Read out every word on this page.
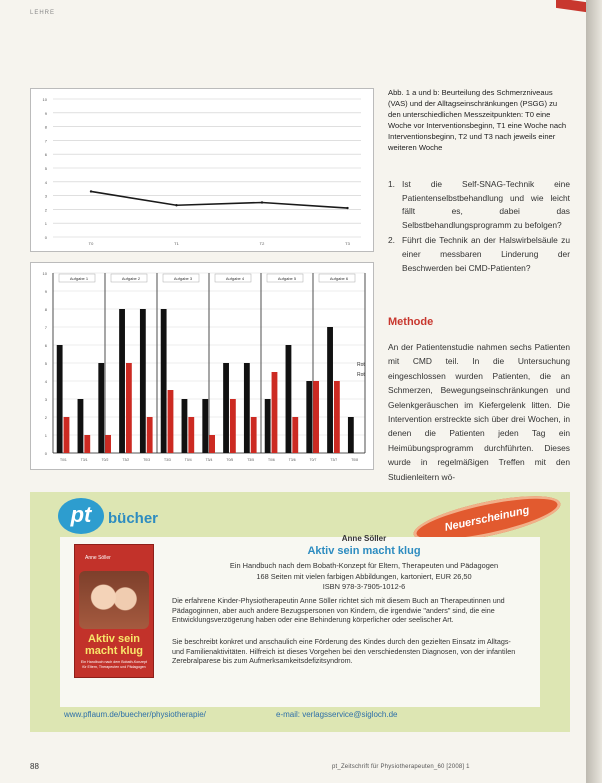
LEHRE
0
1
2
3
4
5
6
7
8
9
10
T0	T1	T2	T3
0
1
2
3
4
5
6
7
8
9
10
Aufgabe 1	Aufgabe 2	Aufgabe 3	Aufgabe 4	Aufgabe 5	Aufgabe 6
T0/1	T3/1	T0/2	T3/2	T0/3	T3/3	T0/4	T3/4	T0/5	T3/5	T0/6	T3/6	T0/7	T3/7	T0/8
Rot
Rot
Abb. 1 a und b: Beurteilung des Schmerzniveaus (VAS) und der Alltagseinschränkungen (PSGG) zu den unterschiedlichen Messzeitpunkten: T0 eine Woche vor Interventionsbeginn, T1 eine Woche nach Interventionsbeginn, T2 und T3 nach jeweils einer weiteren Woche
1. Ist die Self-SNAG-Technik eine Patientenselbstbehandlung und wie leicht fällt es, dabei das Selbstbehandlungsprogramm zu befolgen?
2. Führt die Technik an der Halswirbelsäule zu einer messbaren Linderung der Beschwerden bei CMD-Patienten?
Methode

An der Patientenstudie nahmen sechs Patienten mit CMD teil. In die Untersuchung eingeschlossen wurden Patienten, die an Schmerzen, Bewegungseinschränkungen und Gelenkgeräuschen im Kiefergelenk litten. Die Intervention erstreckte sich über drei Wochen, in denen die Patienten jeden Tag ein Heimübungsprogramm durchführten. Dieses wurde in regelmäßigen Treffen mit den Studienleitern wö-

pt	bücher	Neuerscheinung
Anne Söller
Aktiv sein macht klug
Ein Handbuch nach dem Bobath-Konzept für Eltern, Therapeuten und Pädagogen
Anne Söller
Aktiv sein macht klug
Ein Handbuch nach dem Bobath-Konzept für Eltern, Therapeuten und Pädagogen
168 Seiten mit vielen farbigen Abbildungen, kartoniert, EUR 26,50
ISBN 978-3-7905-1012-6

Die erfahrene Kinder-Physiotherapeutin Anne Söller richtet sich mit diesem Buch an Therapeutinnen und Pädagoginnen, aber auch andere Bezugspersonen von Kindern, die irgendwie "anders" sind, die eine Entwicklungsverzögerung haben oder eine Behinderung körperlicher oder seelischer Art.

Sie beschreibt konkret und anschaulich eine Förderung des Kindes durch den gezielten Einsatz im Alltags- und Familienaktivitäten. Hilfreich ist dieses Vorgehen bei den verschiedensten Diagnosen, von der infantilen Zerebralparese bis zum Aufmerksamkeitsdefizitsyndrom.

www.pflaum.de/buecher/physiotherapie/	e-mail: verlagsservice@sigloch.de
88	pt_Zeitschrift für Physiotherapeuten_60 [2008] 1
